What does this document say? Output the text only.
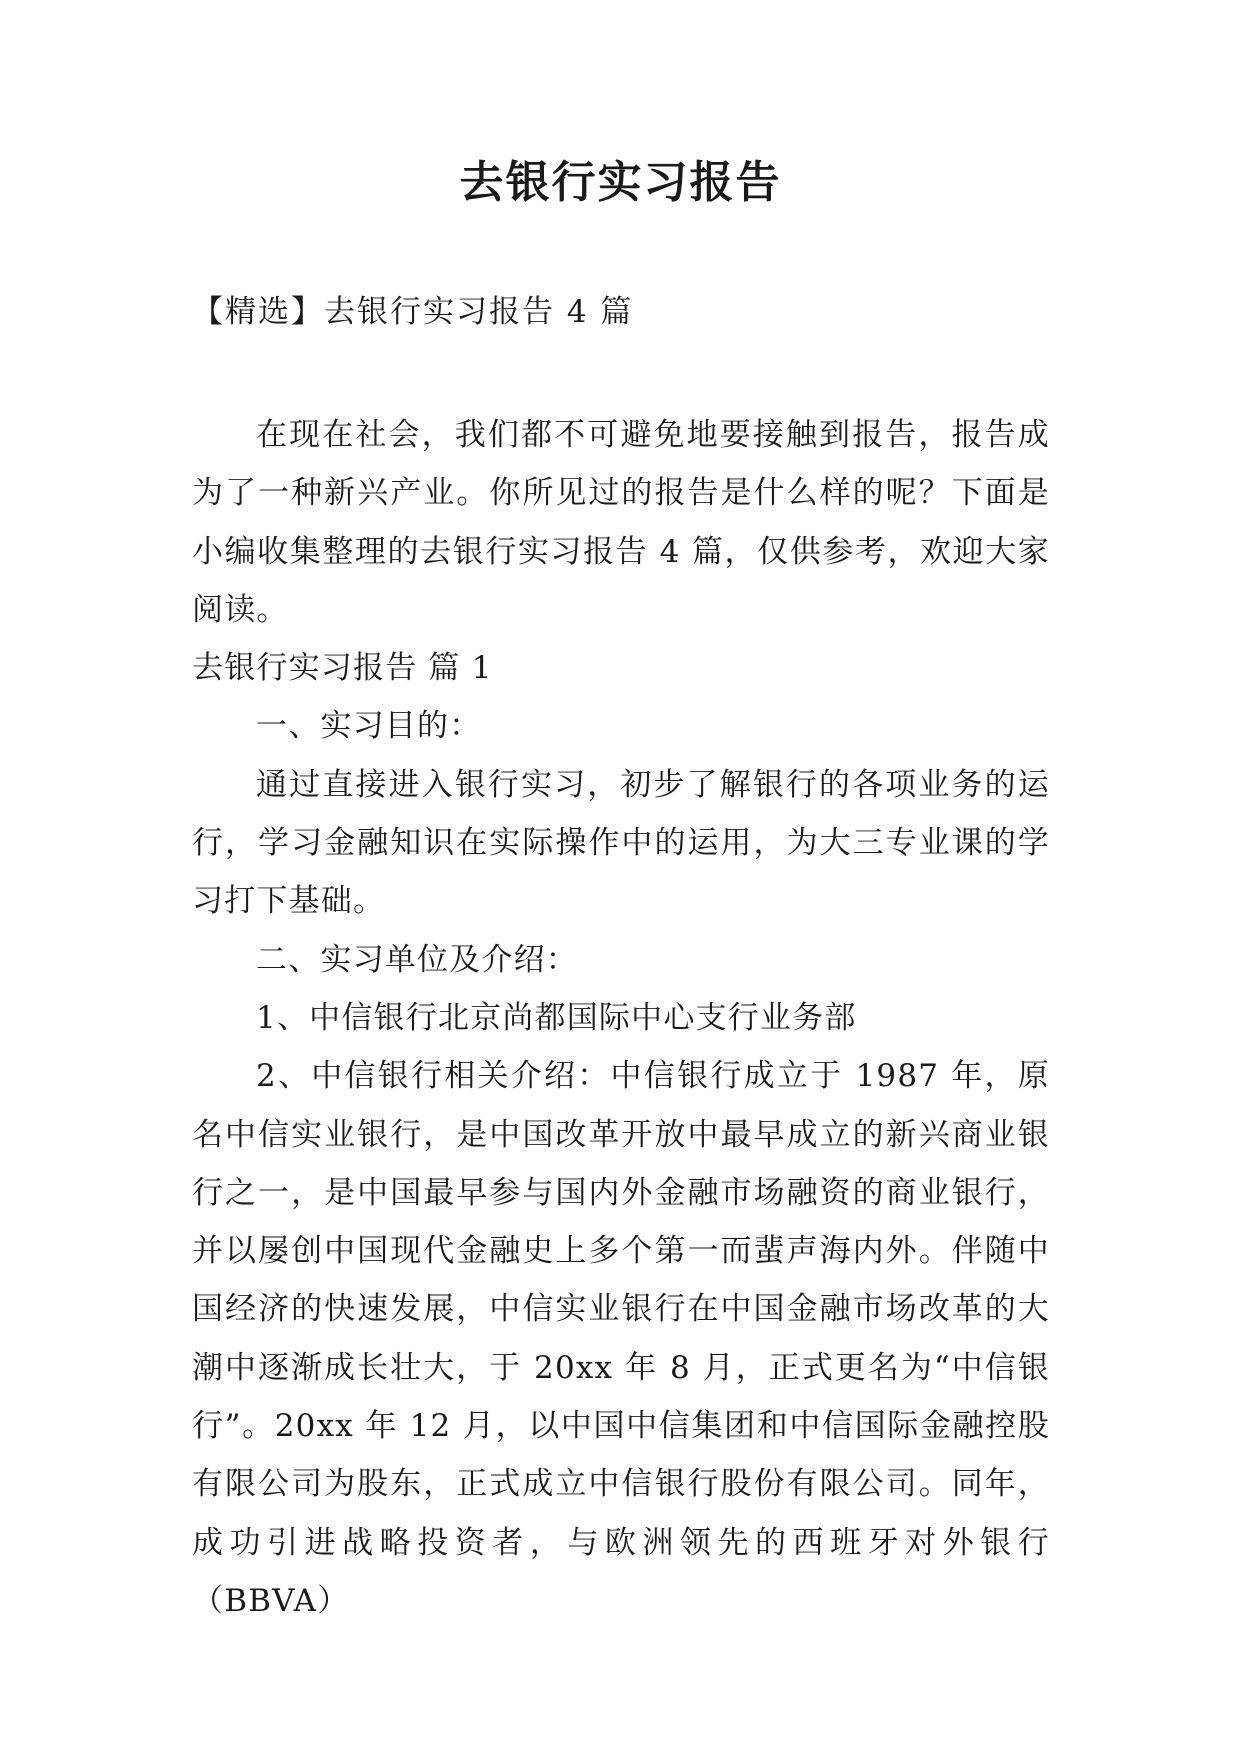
去银行实习报告
【精选】去银行实习报告 4 篇

在现在社会，我们都不可避免地要接触到报告，报告成为了一种新兴产业。你所见过的报告是什么样的呢？下面是小编收集整理的去银行实习报告 4 篇，仅供参考，欢迎大家阅读。

去银行实习报告 篇 1

一、实习目的：

通过直接进入银行实习，初步了解银行的各项业务的运行，学习金融知识在实际操作中的运用，为大三专业课的学习打下基础。

二、实习单位及介绍：

1、中信银行北京尚都国际中心支行业务部

2、中信银行相关介绍：中信银行成立于 1987 年，原名中信实业银行，是中国改革开放中最早成立的新兴商业银行之一，是中国最早参与国内外金融市场融资的商业银行，并以屡创中国现代金融史上多个第一而蜚声海内外。伴随中国经济的快速发展，中信实业银行在中国金融市场改革的大潮中逐渐成长壮大，于 20xx 年 8 月，正式更名为“中信银行”。20xx 年 12 月，以中国中信集团和中信国际金融控股有限公司为股东，正式成立中信银行股份有限公司。同年，成功引进战略投资者，与欧洲领先的西班牙对外银行（BBVA）
